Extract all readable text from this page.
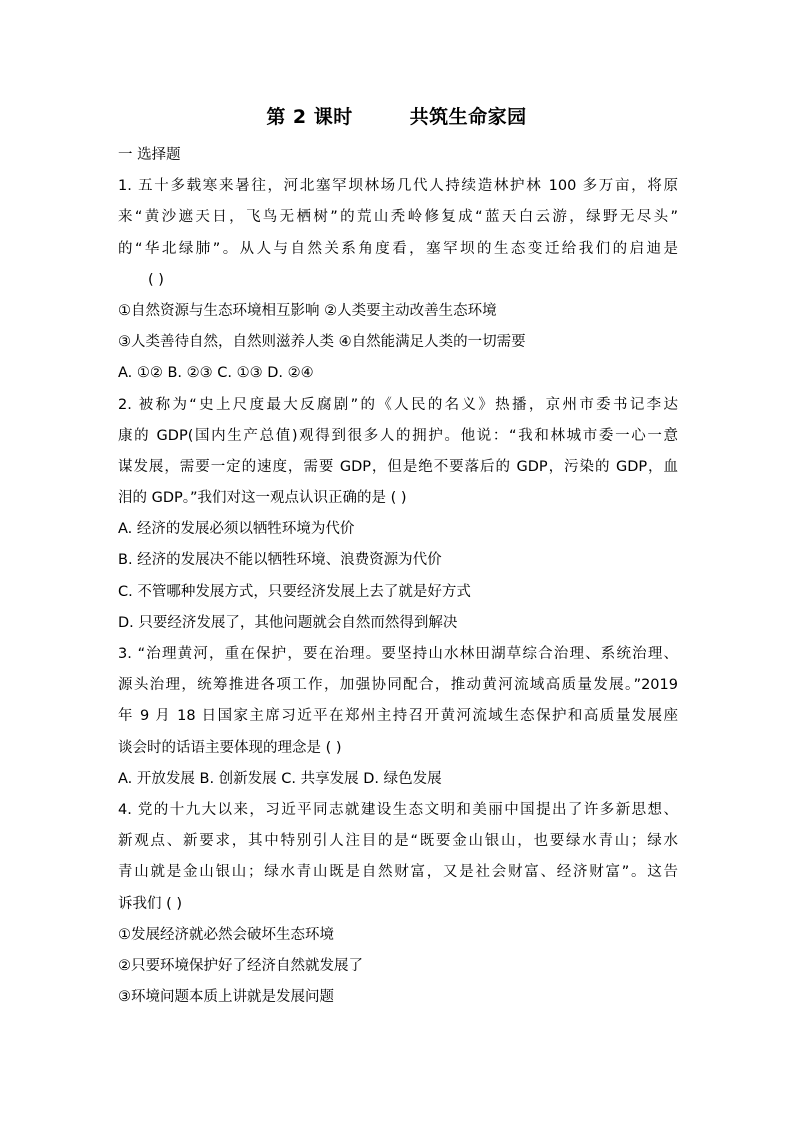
第 2 课时        共筑生命家园
一 选择题
1. 五十多载寒来暑往，河北塞罕坝林场几代人持续造林护林 100 多万亩，将原
来“黄沙遮天日，飞鸟无栖树”的荒山秃岭修复成“蓝天白云游，绿野无尽头”
的“华北绿肺”。从人与自然关系角度看，塞罕坝的生态变迁给我们的启迪是
( )
①自然资源与生态环境相互影响 ②人类要主动改善生态环境
③人类善待自然，自然则滋养人类 ④自然能满足人类的一切需要
A. ①② B. ②③ C. ①③ D. ②④
2. 被称为“史上尺度最大反腐剧”的《人民的名义》热播，京州市委书记李达
康的 GDP(国内生产总值)观得到很多人的拥护。他说：“我和林城市委一心一意
谋发展，需要一定的速度，需要 GDP，但是绝不要落后的 GDP，污染的 GDP，血
泪的 GDP。”我们对这一观点认识正确的是 ( )
A. 经济的发展必须以牺牲环境为代价
B. 经济的发展决不能以牺牲环境、浪费资源为代价
C. 不管哪种发展方式，只要经济发展上去了就是好方式
D. 只要经济发展了，其他问题就会自然而然得到解决
3. “治理黄河，重在保护，要在治理。要坚持山水林田湖草综合治理、系统治理、
源头治理，统筹推进各项工作，加强协同配合，推动黄河流域高质量发展。”2019
年 9 月 18 日国家主席习近平在郑州主持召开黄河流域生态保护和高质量发展座
谈会时的话语主要体现的理念是 ( )
A. 开放发展 B. 创新发展 C. 共享发展 D. 绿色发展
4. 党的十九大以来，习近平同志就建设生态文明和美丽中国提出了许多新思想、
新观点、新要求，其中特别引人注目的是“既要金山银山，也要绿水青山；绿水
青山就是金山银山；绿水青山既是自然财富，又是社会财富、经济财富”。这告
诉我们 ( )
①发展经济就必然会破坏生态环境
②只要环境保护好了经济自然就发展了
③环境问题本质上讲就是发展问题
